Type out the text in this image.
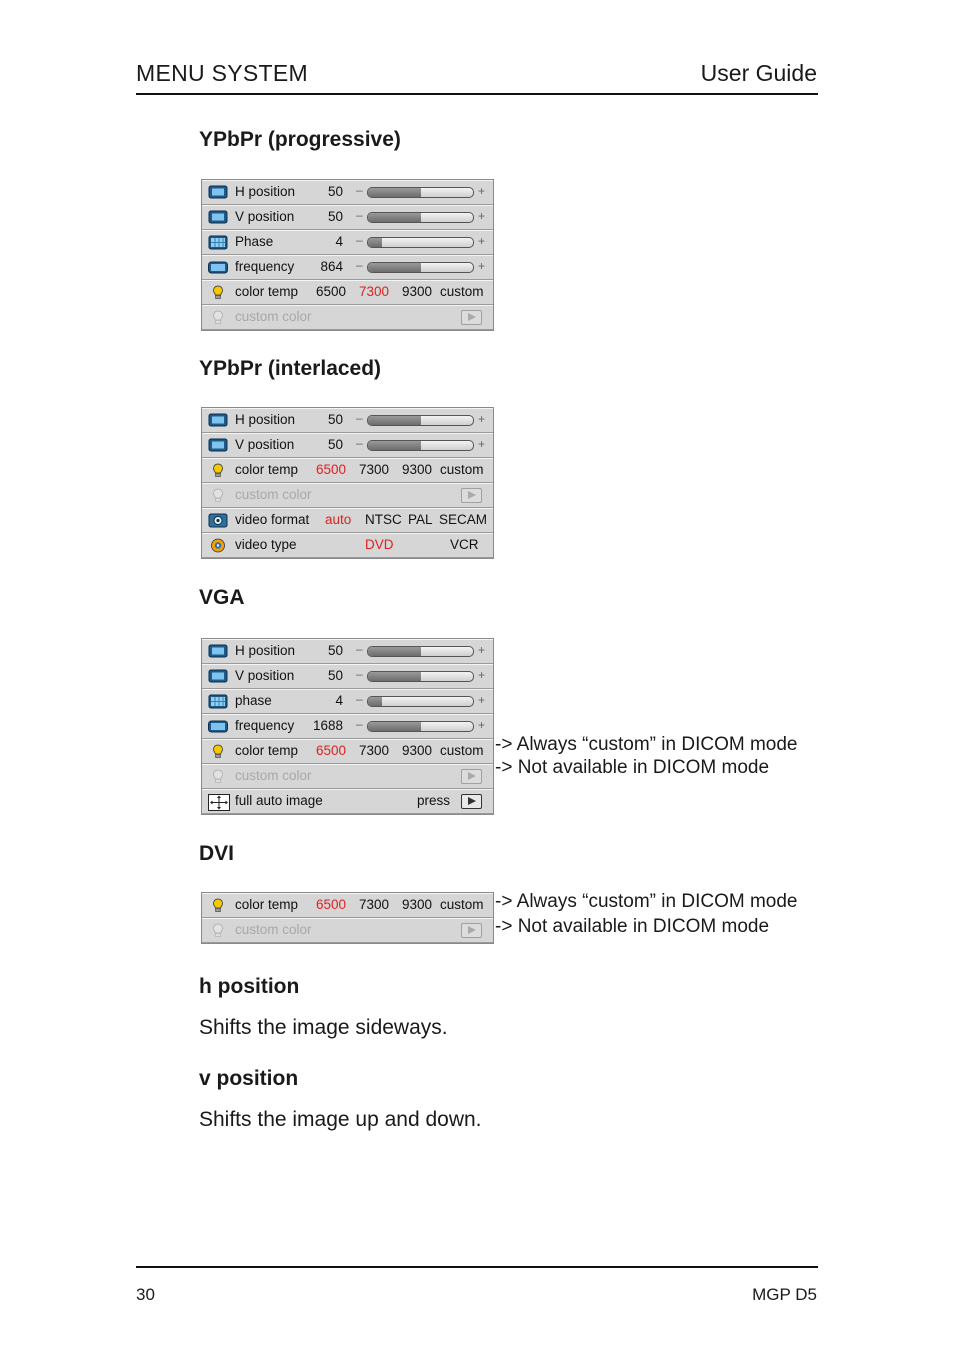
MENU SYSTEM	User Guide
YPbPr (progressive)
H position 50 –	+
V position 50 –	+
Phase	4 –	+
frequency 864 –	+
color temp 6500 7300 9300 custom
custom color
YPbPr (interlaced)
H position 50 –	+
V position 50 –	+
color temp 6500 7300 9300 custom
custom color
video format auto NTSC PAL SECAM
video type	DVD	VCR
VGA
H position 50 –	+
V position 50 –	+
phase	4 –	+
frequency 1688 –	+
color temp 6500 7300 9300 custom
custom color
full auto image	press
-> Always “custom” in DICOM mode
-> Not available in DICOM mode
DVI
color temp 6500 7300 9300 custom
custom color
-> Always “custom” in DICOM mode
-> Not available in DICOM mode
h position
Shifts the image sideways.
v position
Shifts the image up and down.
30	MGP D5
